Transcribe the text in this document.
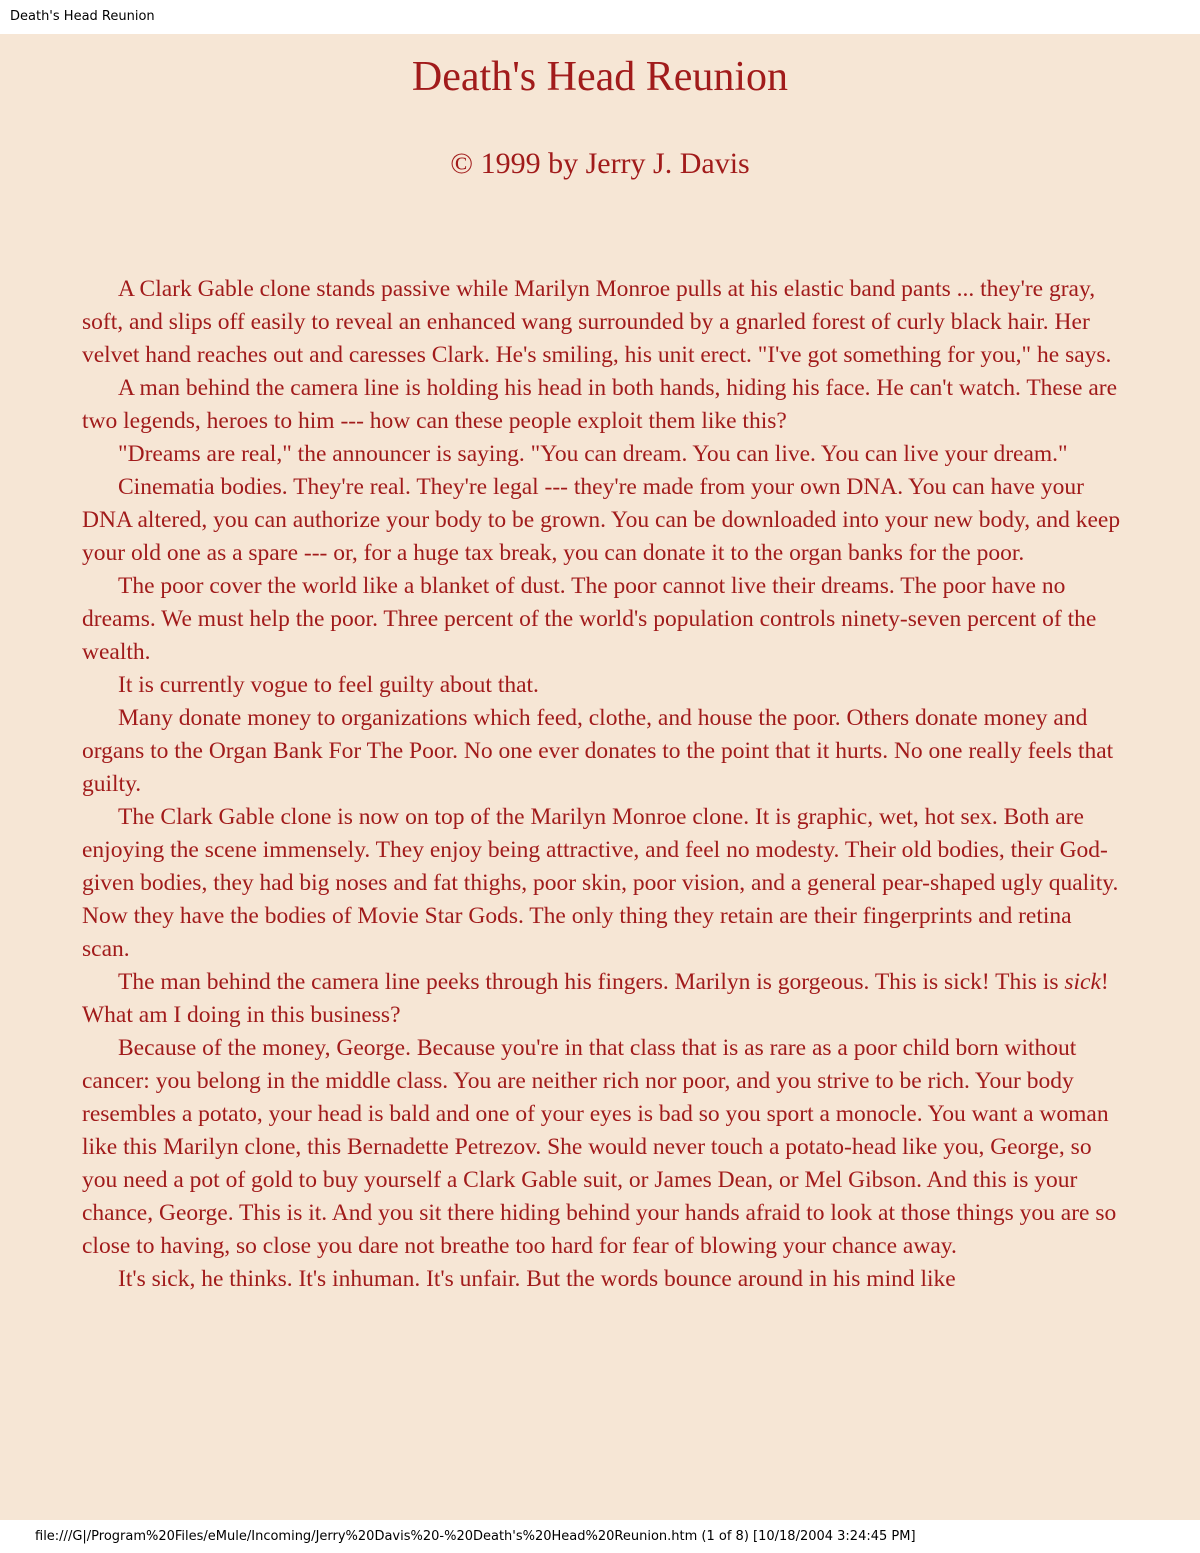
Death's Head Reunion
Death's Head Reunion

© 1999 by Jerry J. Davis

A Clark Gable clone stands passive while Marilyn Monroe pulls at his elastic band pants ... they're gray, soft, and slips off easily to reveal an enhanced wang surrounded by a gnarled forest of curly black hair. Her velvet hand reaches out and caresses Clark. He's smiling, his unit erect. "I've got something for you," he says.

A man behind the camera line is holding his head in both hands, hiding his face. He can't watch. These are two legends, heroes to him --- how can these people exploit them like this?

"Dreams are real," the announcer is saying. "You can dream. You can live. You can live your dream."

Cinematia bodies. They're real. They're legal --- they're made from your own DNA. You can have your DNA altered, you can authorize your body to be grown. You can be downloaded into your new body, and keep your old one as a spare --- or, for a huge tax break, you can donate it to the organ banks for the poor.

The poor cover the world like a blanket of dust. The poor cannot live their dreams. The poor have no dreams. We must help the poor. Three percent of the world's population controls ninety-seven percent of the wealth.

It is currently vogue to feel guilty about that.

Many donate money to organizations which feed, clothe, and house the poor. Others donate money and organs to the Organ Bank For The Poor. No one ever donates to the point that it hurts. No one really feels that guilty.

The Clark Gable clone is now on top of the Marilyn Monroe clone. It is graphic, wet, hot sex. Both are enjoying the scene immensely. They enjoy being attractive, and feel no modesty. Their old bodies, their God-given bodies, they had big noses and fat thighs, poor skin, poor vision, and a general pear-shaped ugly quality. Now they have the bodies of Movie Star Gods. The only thing they retain are their fingerprints and retina scan.

The man behind the camera line peeks through his fingers. Marilyn is gorgeous. This is sick! This is sick! What am I doing in this business?

Because of the money, George. Because you're in that class that is as rare as a poor child born without cancer: you belong in the middle class. You are neither rich nor poor, and you strive to be rich. Your body resembles a potato, your head is bald and one of your eyes is bad so you sport a monocle. You want a woman like this Marilyn clone, this Bernadette Petrezov. She would never touch a potato-head like you, George, so you need a pot of gold to buy yourself a Clark Gable suit, or James Dean, or Mel Gibson. And this is your chance, George. This is it. And you sit there hiding behind your hands afraid to look at those things you are so close to having, so close you dare not breathe too hard for fear of blowing your chance away.

It's sick, he thinks. It's inhuman. It's unfair. But the words bounce around in his mind like

file:///G|/Program%20Files/eMule/Incoming/Jerry%20Davis%20-%20Death's%20Head%20Reunion.htm (1 of 8) [10/18/2004 3:24:45 PM]
